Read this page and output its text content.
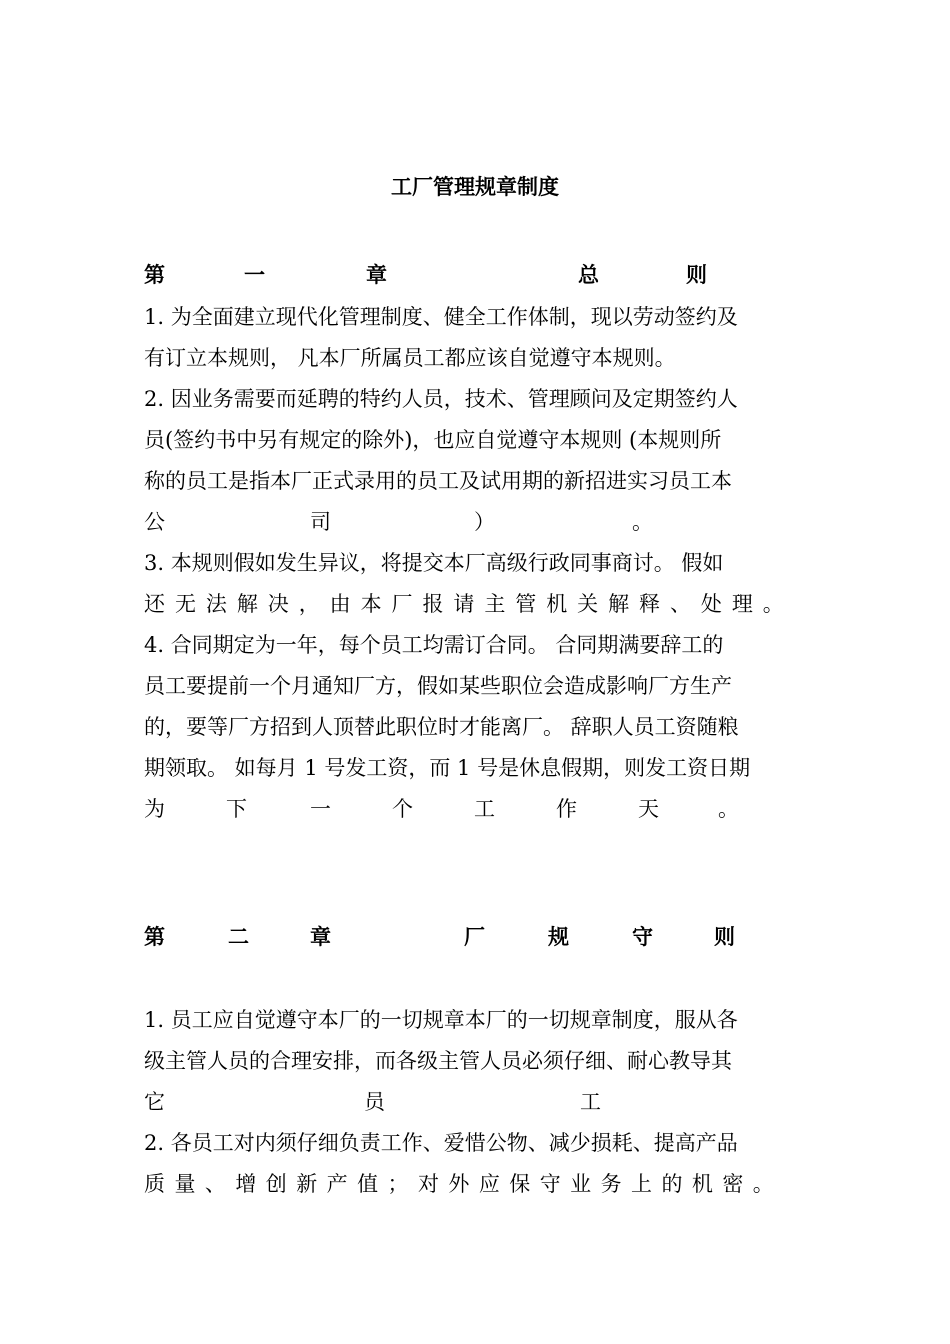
工厂管理规章制度
第	一	章	总	则
1. 为全面建立现代化管理制度、健全工作体制，现以劳动签约及
有订立本规则， 凡本厂所属员工都应该自觉遵守本规则。
2. 因业务需要而延聘的特约人员，技术、管理顾问及定期签约人
员(签约书中另有规定的除外)，也应自觉遵守本规则 (本规则所
称的员工是指本厂正式录用的员工及试用期的新招进实习员工本
公	司	）	。
3. 本规则假如发生异议，将提交本厂高级行政同事商讨。 假如
还 无 法 解 决 ， 由 本 厂 报 请 主 管 机 关 解 释 、 处 理 。
4. 合同期定为一年，每个员工均需订合同。 合同期满要辞工的
员工要提前一个月通知厂方，假如某些职位会造成影响厂方生产
的，要等厂方招到人顶替此职位时才能离厂。 辞职人员工资随粮
期领取。 如每月 1 号发工资，而 1 号是休息假期，则发工资日期
为	下	一	个	工	作	天	。
第	二	章	厂	规	守	则
1. 员工应自觉遵守本厂的一切规章本厂的一切规章制度，服从各
级主管人员的合理安排，而各级主管人员必须仔细、耐心教导其
它	员	工
2. 各员工对内须仔细负责工作、爱惜公物、减少损耗、提高产品
质 量 、 增 创 新 产 值 ； 对 外 应 保 守 业 务 上 的 机 密 。
